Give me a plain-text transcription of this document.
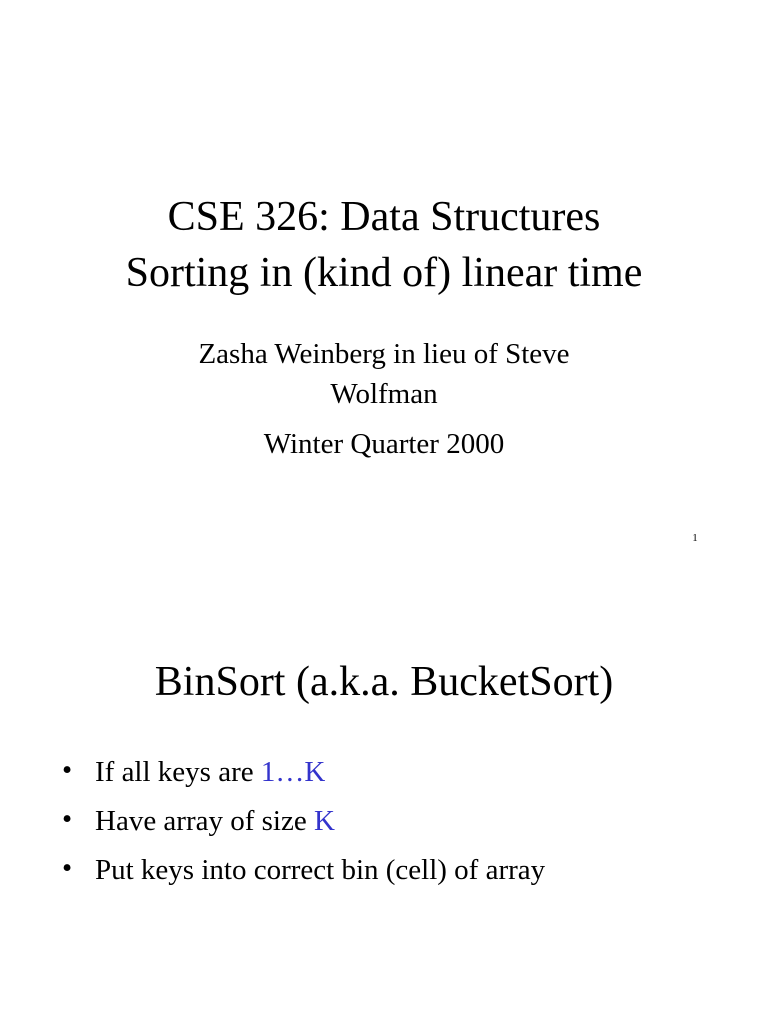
CSE 326: Data Structures
Sorting in (kind of) linear time
Zasha Weinberg in lieu of Steve
Wolfman
Winter Quarter 2000
1
BinSort (a.k.a. BucketSort)
• If all keys are 1…K
• Have array of size K
• Put keys into correct bin (cell) of array
